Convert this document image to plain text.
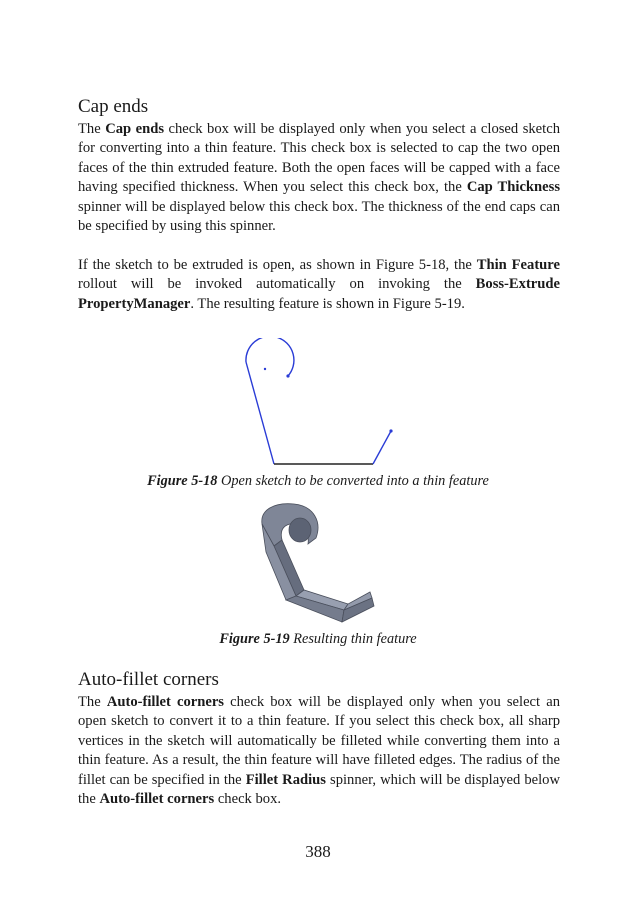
Cap ends

The Cap ends check box will be displayed only when you select a closed sketch for converting into a thin feature. This check box is selected to cap the two open faces of the thin extruded feature. Both the open faces will be capped with a face having specified thickness. When you select this check box, the Cap Thickness spinner will be displayed below this check box. The thickness of the end caps can be specified by using this spinner.

If the sketch to be extruded is open, as shown in Figure 5-18, the Thin Feature rollout will be invoked automatically on invoking the Boss-Extrude PropertyManager. The resulting feature is shown in Figure 5-19.

Figure 5-18 Open sketch to be converted into a thin feature

Figure 5-19 Resulting thin feature

Auto-fillet corners

The Auto-fillet corners check box will be displayed only when you select an open sketch to convert it to a thin feature. If you select this check box, all sharp vertices in the sketch will automatically be filleted while converting them into a thin feature. As a result, the thin feature will have filleted edges. The radius of the fillet can be specified in the Fillet Radius spinner, which will be displayed below the Auto-fillet corners check box.

388
